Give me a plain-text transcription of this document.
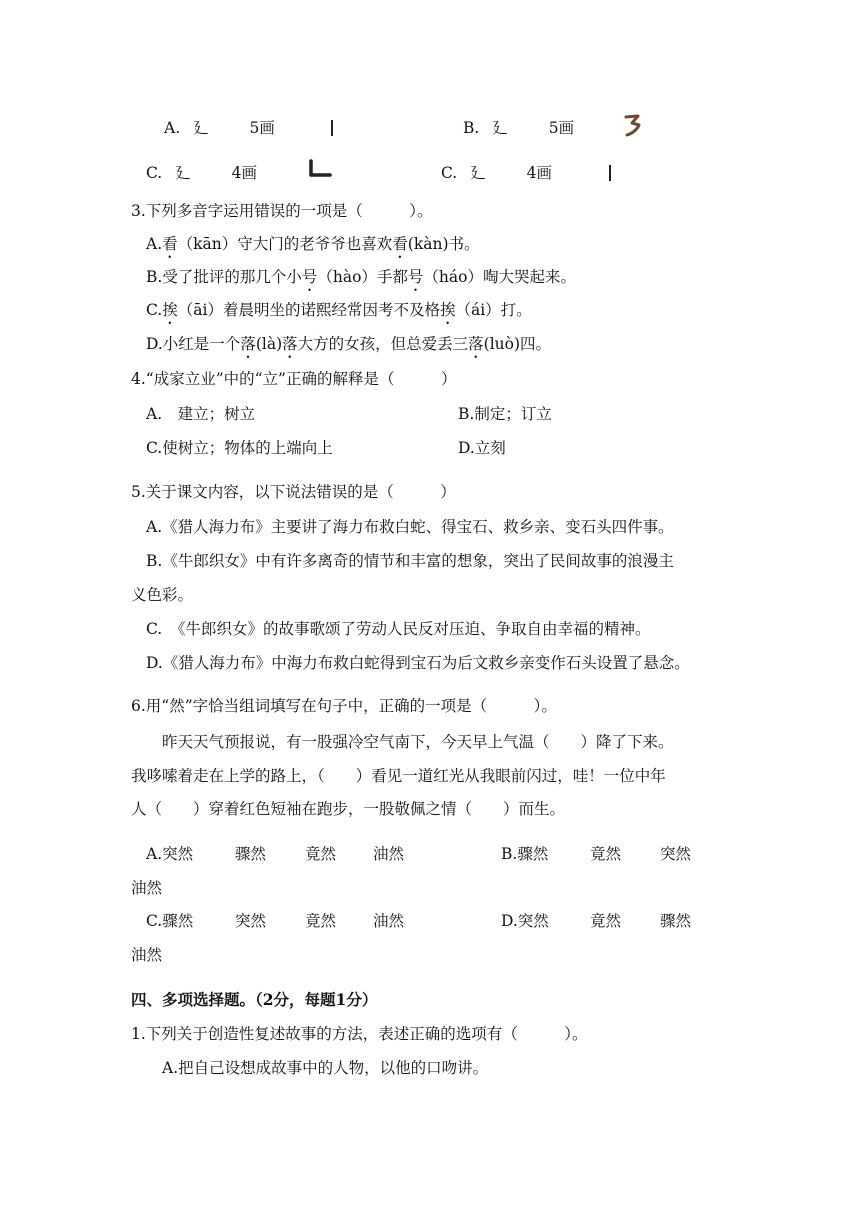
A. 廴	5画	B. 廴	5画
C. 廴	4画	C. 廴	4画
3.下列多音字运用错误的一项是（　　　）。
A.看（kān）守大门的老爷爷也喜欢看(kàn)书。
B.受了批评的那几个小号（hào）手都号（háo）啕大哭起来。
C.挨（āi）着晨明坐的诺熙经常因考不及格挨（ái）打。
D.小红是一个落(là)落大方的女孩，但总爱丢三落(luò)四。
4.“成家立业”中的“立”正确的解释是（　　　）
A.　建立；树立	B.制定；订立
C.使树立；物体的上端向上	D.立刻
5.关于课文内容，以下说法错误的是（　　　）
A.《猎人海力布》主要讲了海力布救白蛇、得宝石、救乡亲、变石头四件事。
B.《牛郎织女》中有许多离奇的情节和丰富的想象，突出了民间故事的浪漫主
义色彩。
C.　《牛郎织女》的故事歌颂了劳动人民反对压迫、争取自由幸福的精神。
D.《猎人海力布》中海力布救白蛇得到宝石为后文救乡亲变作石头设置了悬念。
6.用“然”字恰当组词填写在句子中，正确的一项是（　　　）。
昨天天气预报说，有一股强冷空气南下，今天早上气温（　　）降了下来。
我哆嗦着走在上学的路上，（　　）看见一道红光从我眼前闪过，哇！一位中年
人（　　）穿着红色短袖在跑步，一股敬佩之情（　　）而生。
A.突然	骤然	竟然 油然	B.骤然	竟然	突然
油然
C.骤然	突然	竟然 油然	D.突然	竟然	骤然
油然
四、多项选择题。（2分，每题1分）
1.下列关于创造性复述故事的方法，表述正确的选项有（　　　）。
A.把自己设想成故事中的人物，以他的口吻讲。
